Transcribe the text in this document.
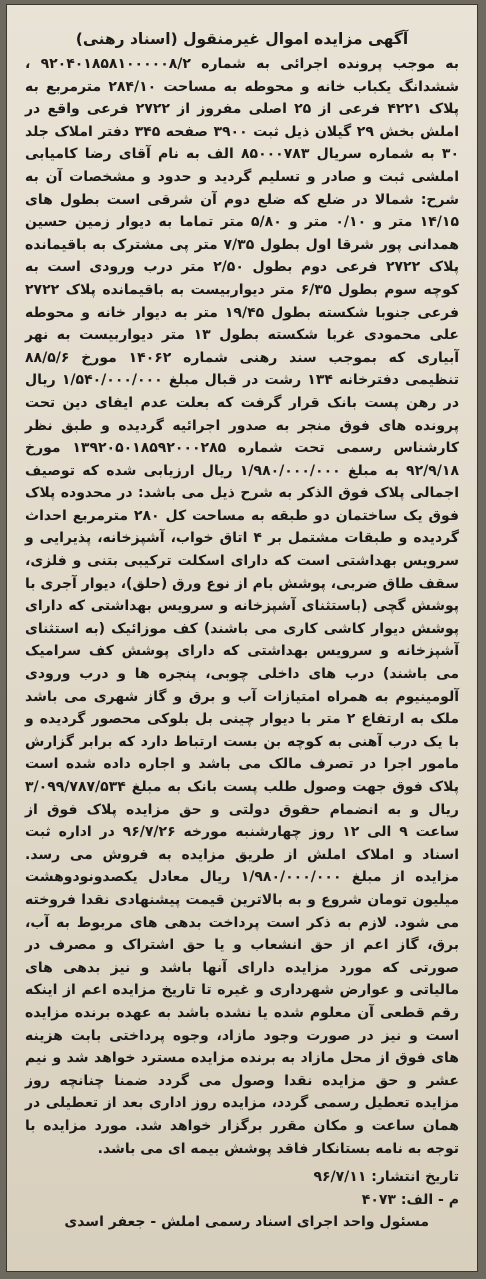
آگهی مزایده اموال غیرمنقول (اسناد رهنی)

به موجب پرونده اجرائی به شماره ۹۲۰۴۰۱۸۵۸۱۰۰۰۰۰۸/۲ ، ششدانگ یکباب خانه و محوطه به مساحت ۲۸۴/۱۰ مترمربع به پلاک ۴۲۲۱ فرعی از ۲۵ اصلی مفروز از ۲۷۲۲ فرعی واقع در املش بخش ۲۹ گیلان ذیل ثبت ۳۹۰۰ صفحه ۳۴۵ دفتر املاک جلد ۳۰ به شماره سریال ۸۵۰۰۰۷۸۳ الف به نام آقای رضا کامیابی املشی ثبت و صادر و تسلیم گردید و حدود و مشخصات آن به شرح: شمالا در ضلع که ضلع دوم آن شرقی است بطول های ۱۴/۱۵ متر و ۰/۱۰ متر و ۵/۸۰ متر تماما به دیوار زمین حسین همدانی پور شرقا اول بطول ۷/۳۵ متر پی مشترک به باقیمانده پلاک ۲۷۲۲ فرعی دوم بطول ۲/۵۰ متر درب ورودی است به کوچه سوم بطول ۶/۳۵ متر دیواربیست به باقیمانده پلاک ۲۷۲۲ فرعی جنوبا شکسته بطول ۱۹/۴۵ متر به دیوار خانه و محوطه علی محمودی غربا شکسته بطول ۱۳ متر دیواربیست به نهر آبیاری که بموجب سند رهنی شماره ۱۴۰۶۲ مورخ ۸۸/۵/۶ تنظیمی دفترخانه ۱۳۴ رشت در قبال مبلغ ۱/۵۴۰/۰۰۰/۰۰۰ ریال در رهن پست بانک قرار گرفت که بعلت عدم ایفای دین تحت پرونده های فوق منجر به صدور اجرائیه گردیده و طبق نظر کارشناس رسمی تحت شماره ۱۳۹۲۰۵۰۱۸۵۹۲۰۰۰۲۸۵ مورخ ۹۲/۹/۱۸ به مبلغ ۱/۹۸۰/۰۰۰/۰۰۰ ریال ارزیابی شده که توصیف اجمالی پلاک فوق الذکر به شرح ذیل می باشد: در محدوده پلاک فوق یک ساختمان دو طبقه به مساحت کل ۲۸۰ مترمربع احداث گردیده و طبقات مشتمل بر ۴ اتاق خواب، آشپزخانه، پذیرایی و سرویس بهداشتی است که دارای اسکلت ترکیبی بتنی و فلزی، سقف طاق ضربی، پوشش بام از نوع ورق (حلق)، دیوار آجری با پوشش گچی (باستثنای آشپزخانه و سرویس بهداشتی که دارای پوشش دیوار کاشی کاری می باشند) کف موزائیک (به استثنای آشپزخانه و سرویس بهداشتی که دارای پوشش کف سرامیک می باشند) درب های داخلی چوبی، پنجره ها و درب ورودی آلومینیوم به همراه امتیازات آب و برق و گاز شهری می باشد ملک به ارتفاع ۲ متر با دیوار چینی بل بلوکی محصور گردیده و با یک درب آهنی به کوچه بن بست ارتباط دارد که برابر گزارش مامور اجرا در تصرف مالک می باشد و اجاره داده شده است پلاک فوق جهت وصول طلب پست بانک به مبلغ ۳/۰۹۹/۷۸۷/۵۳۴ ریال و به انضمام حقوق دولتی و حق مزایده پلاک فوق از ساعت ۹ الی ۱۲ روز چهارشنبه مورخه ۹۶/۷/۲۶ در اداره ثبت اسناد و املاک املش از طریق مزایده به فروش می رسد. مزایده از مبلغ ۱/۹۸۰/۰۰۰/۰۰۰ ریال معادل یکصدونودوهشت میلیون تومان شروع و به بالاترین قیمت پیشنهادی نقدا فروخته می شود. لازم به ذکر است پرداخت بدهی های مربوط به آب، برق، گاز اعم از حق انشعاب و یا حق اشتراک و مصرف در صورتی که مورد مزایده دارای آنها باشد و نیز بدهی های مالیاتی و عوارض شهرداری و غیره تا تاریخ مزایده اعم از اینکه رقم قطعی آن معلوم شده یا نشده باشد به عهده برنده مزایده است و نیز در صورت وجود مازاد، وجوه پرداختی بابت هزینه های فوق از محل مازاد به برنده مزایده مسترد خواهد شد و نیم عشر و حق مزایده نقدا وصول می گردد ضمنا چنانچه روز مزایده تعطیل رسمی گردد، مزایده روز اداری بعد از تعطیلی در همان ساعت و مکان مقرر برگزار خواهد شد. مورد مزایده با توجه به نامه بستانکار فاقد پوشش بیمه ای می باشد.

تاریخ انتشار: ۹۶/۷/۱۱
م - الف: ۴۰۷۳
مسئول واحد اجرای اسناد رسمی املش - جعفر اسدی
